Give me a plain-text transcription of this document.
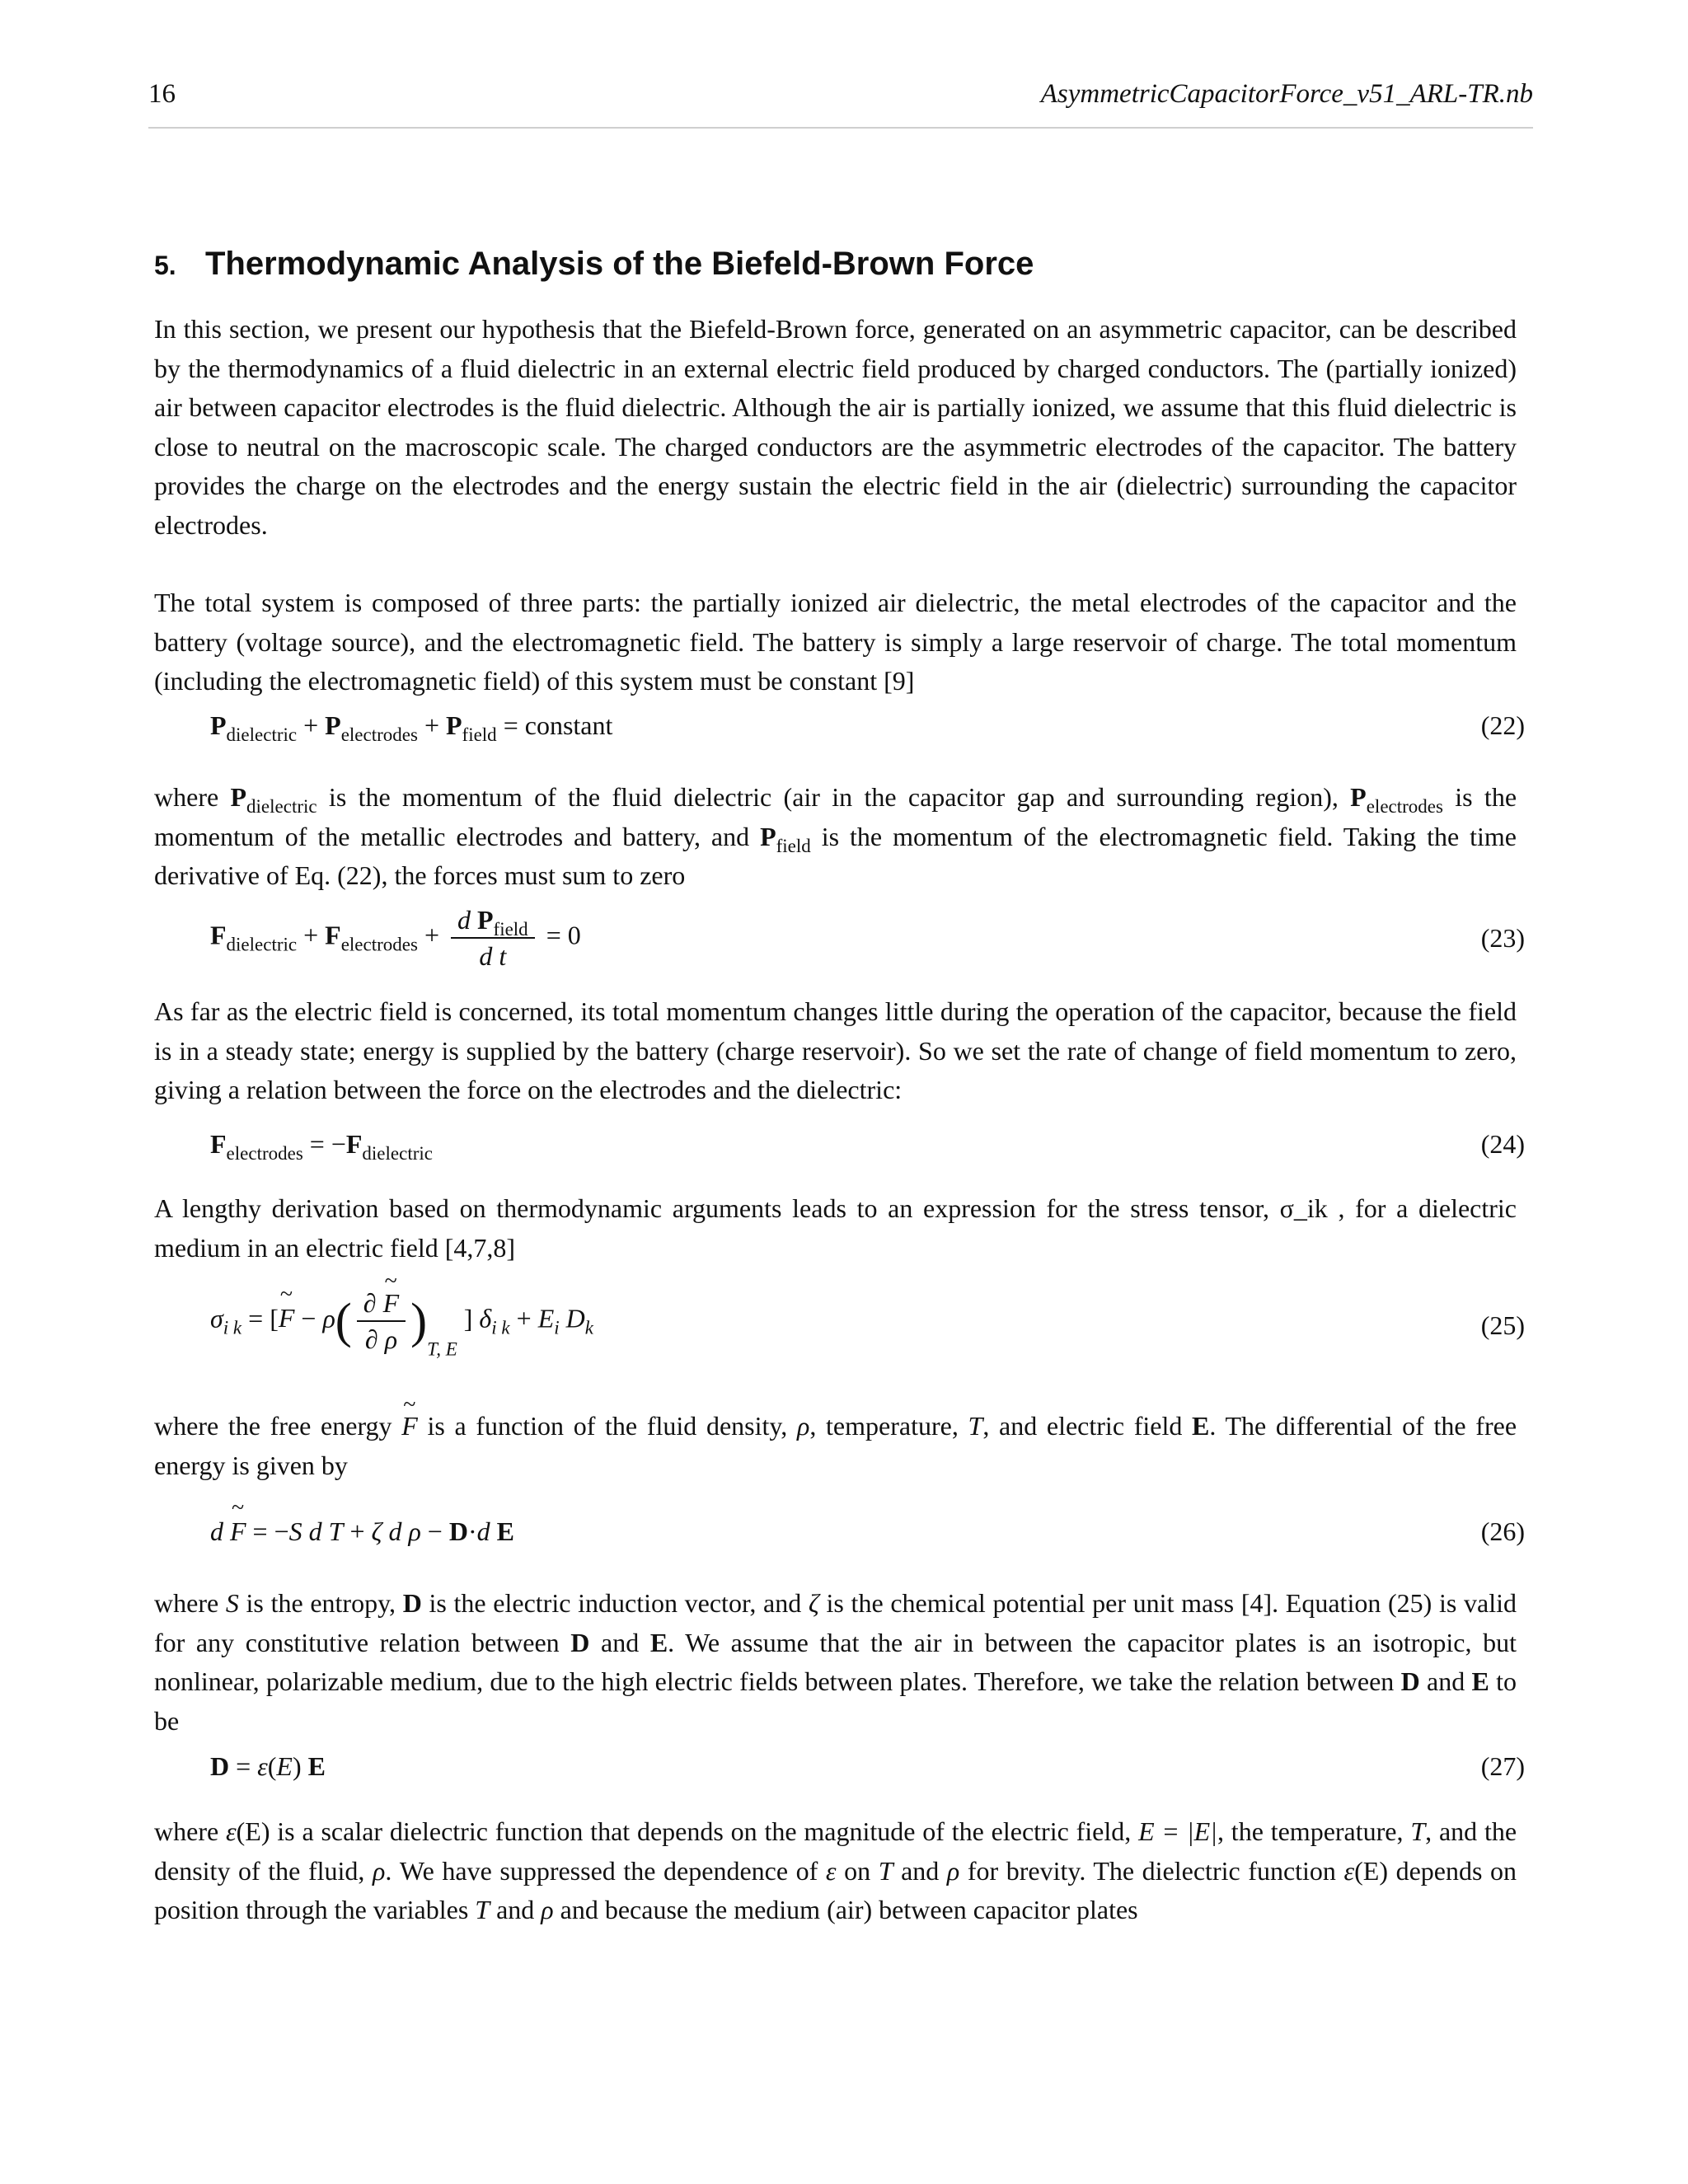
16	AsymmetricCapacitorForce_v51_ARL-TR.nb
5. Thermodynamic Analysis of the Biefeld-Brown Force

In this section, we present our hypothesis that the Biefeld-Brown force, generated on an asymmetric capacitor, can be described by the thermodynamics of a fluid dielectric in an external electric field produced by charged conductors. The (partially ionized) air between capacitor electrodes is the fluid dielectric. Although the air is partially ionized, we assume that this fluid dielectric is close to neutral on the macroscopic scale. The charged conductors are the asymmetric electrodes of the capacitor. The battery provides the charge on the electrodes and the energy sustain the electric field in the air (dielectric) surrounding the capacitor electrodes.

The total system is composed of three parts: the partially ionized air dielectric, the metal electrodes of the capacitor and the battery (voltage source), and the electromagnetic field. The battery is simply a large reservoir of charge. The total momentum (including the electromagnetic field) of this system must be constant [9]

$P_{dielectric} + P_{electrodes} + P_{field}$ = constant	(22)

where $P_{dielectric}$ is the momentum of the fluid dielectric (air in the capacitor gap and surrounding region), $P_{electrodes}$ is the momentum of the metallic electrodes and battery, and $P_{field}$ is the momentum of the electromagnetic field. Taking the time derivative of Eq. (22), the forces must sum to zero

$F_{dielectric} + F_{electrodes} + \frac{d P_{field}}{\text{d t}} = 0$	(23)

As far as the electric field is concerned, its total momentum changes little during the operation of the capacitor, because the field is in a steady state; energy is supplied by the battery (charge reservoir). So we set the rate of change of field momentum to zero, giving a relation between the force on the electrodes and the dielectric:

$F_{electrodes} = -F_{dielectric}$	(24)

A lengthy derivation based on thermodynamic arguments leads to an expression for the stress tensor, σ_ik , for a dielectric medium in an electric field [4,7,8]

$\sigma_{i k}$ = [~ $F - \rho( \frac{\partial \sim F}{\partial \rho} )_{T, E}$ ] $\delta_{i k} + E_i$ $D_k$	(25)

where the free energy ~ F is a function of the fluid density, ρ, temperature, T, and electric field E. The differential of the free energy is given by

d ~ F = −S d T + ζ d ρ − D·d E	(26)

where S is the entropy, D is the electric induction vector, and ζ is the chemical potential per unit mass [4]. Equation (25) is valid for any constitutive relation between D and E. We assume that the air in between the capacitor plates is an isotropic, but nonlinear, polarizable medium, due to the high electric fields between plates. Therefore, we take the relation between D and E to be

D = ε(E) E	(27)

where ε(E) is a scalar dielectric function that depends on the magnitude of the electric field, E = |E|, the temperature, T, and the density of the fluid, ρ. We have suppressed the dependence of ε on T and ρ for brevity. The dielectric function ε(E) depends on position through the variables T and ρ and because the medium (air) between capacitor plates
